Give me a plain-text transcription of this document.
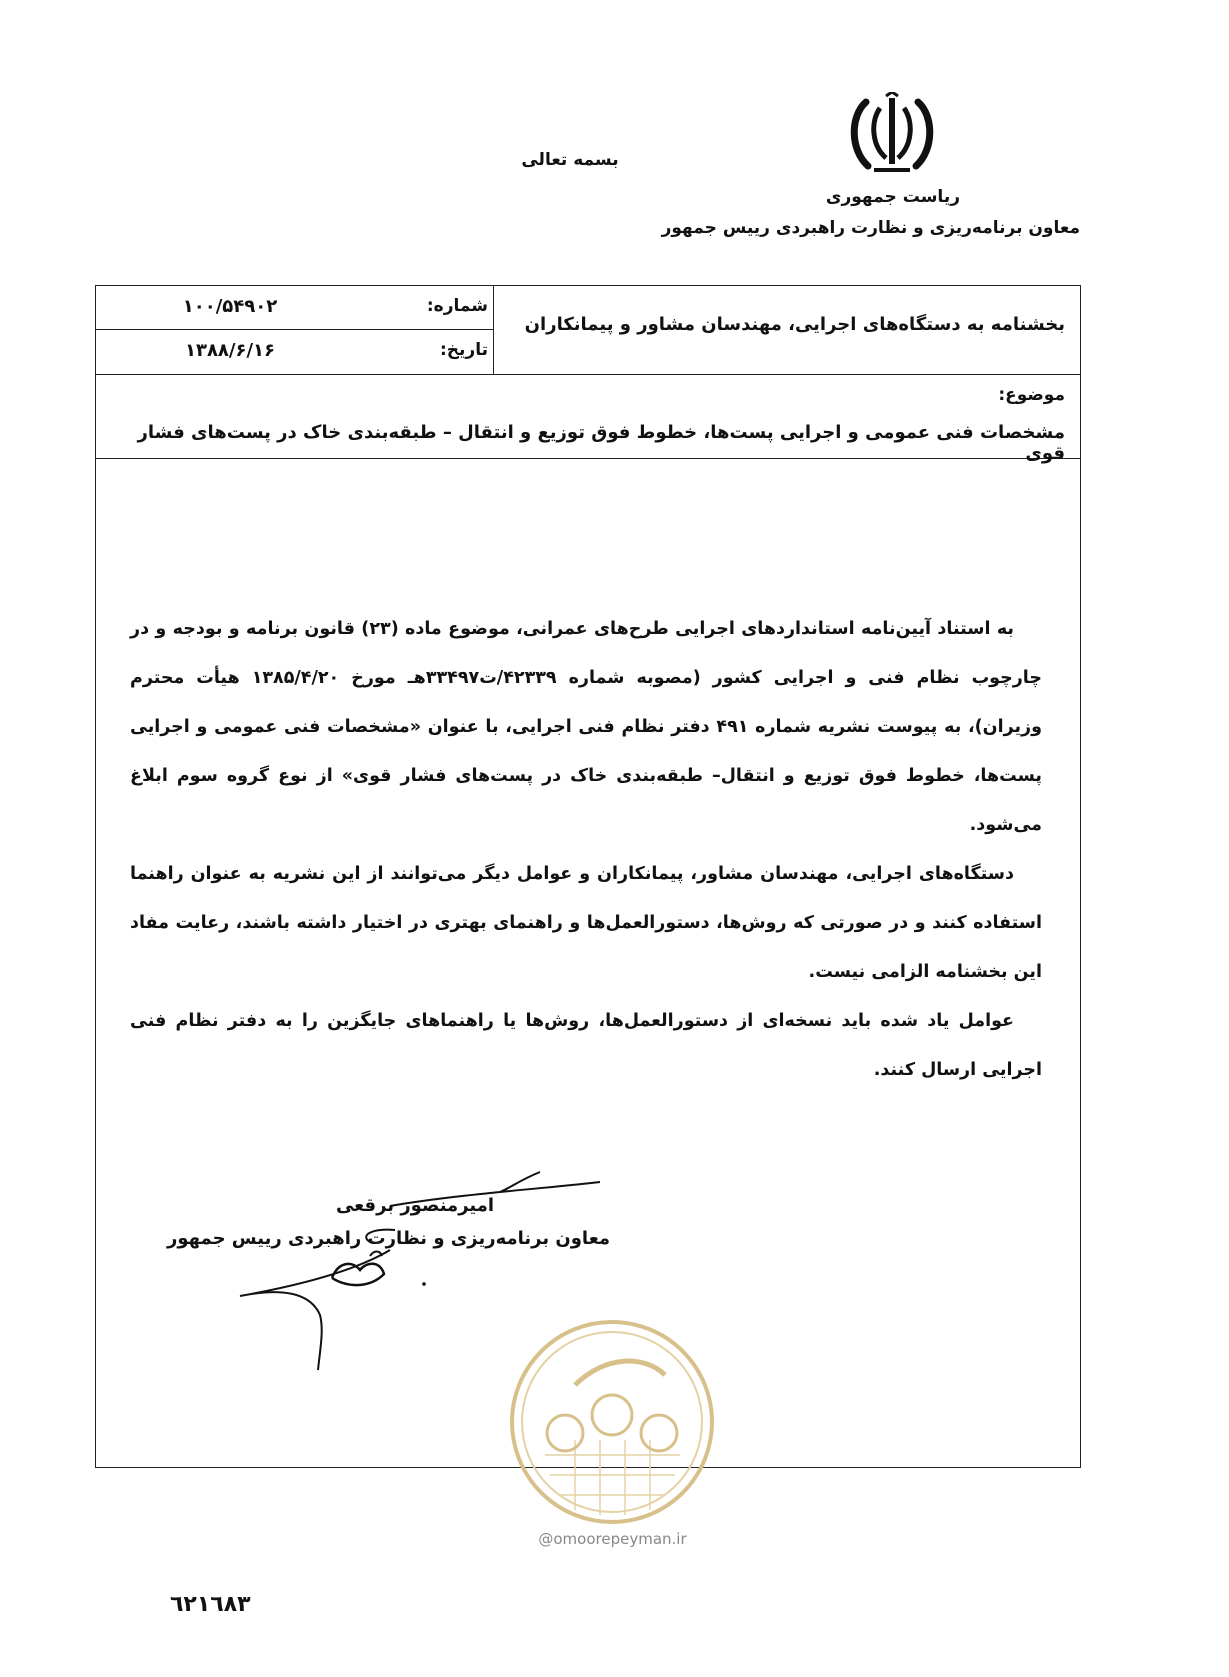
بسمه تعالی
ریاست جمهوری
معاون برنامه‌ریزی و نظارت راهبردی رییس جمهور
شماره:
۱۰۰/۵۴۹۰۲
تاریخ:
۱۳۸۸/۶/۱۶
بخشنامه به دستگاه‌های اجرایی، مهندسان مشاور و پیمانکاران
موضوع:
مشخصات فنی عمومی و اجرایی پست‌ها، خطوط فوق توزیع و انتقال – طبقه‌بندی خاک در پست‌های فشار قوی

به استناد آیین‌نامه استانداردهای اجرایی طرح‌های عمرانی، موضوع ماده (۲۳) قانون برنامه و بودجه و در چارچوب نظام فنی و اجرایی کشور (مصوبه شماره ۴۲۳۳۹/ت۳۳۴۹۷هـ مورخ ۱۳۸۵/۴/۲۰ هیأت محترم وزیران)، به پیوست نشریه شماره ۴۹۱ دفتر نظام فنی اجرایی، با عنوان «مشخصات فنی عمومی و اجرایی پست‌ها، خطوط فوق توزیع و انتقال– طبقه‌بندی خاک در پست‌های فشار قوی» از نوع گروه سوم ابلاغ می‌شود.

دستگاه‌های اجرایی، مهندسان مشاور، پیمانکاران و عوامل دیگر می‌توانند از این نشریه به عنوان راهنما استفاده کنند و در صورتی که روش‌ها، دستورالعمل‌ها و راهنمای بهتری در اختیار داشته باشند، رعایت مفاد این بخشنامه الزامی نیست.

عوامل یاد شده باید نسخه‌ای از دستورالعمل‌ها، روش‌ها یا راهنماهای جایگزین را به دفتر نظام فنی اجرایی ارسال کنند.

امیرمنصور برقعی
معاون برنامه‌ریزی و نظارت راهبردی رییس جمهور
@omoorepeyman.ir
٦٢١٦٨٣
